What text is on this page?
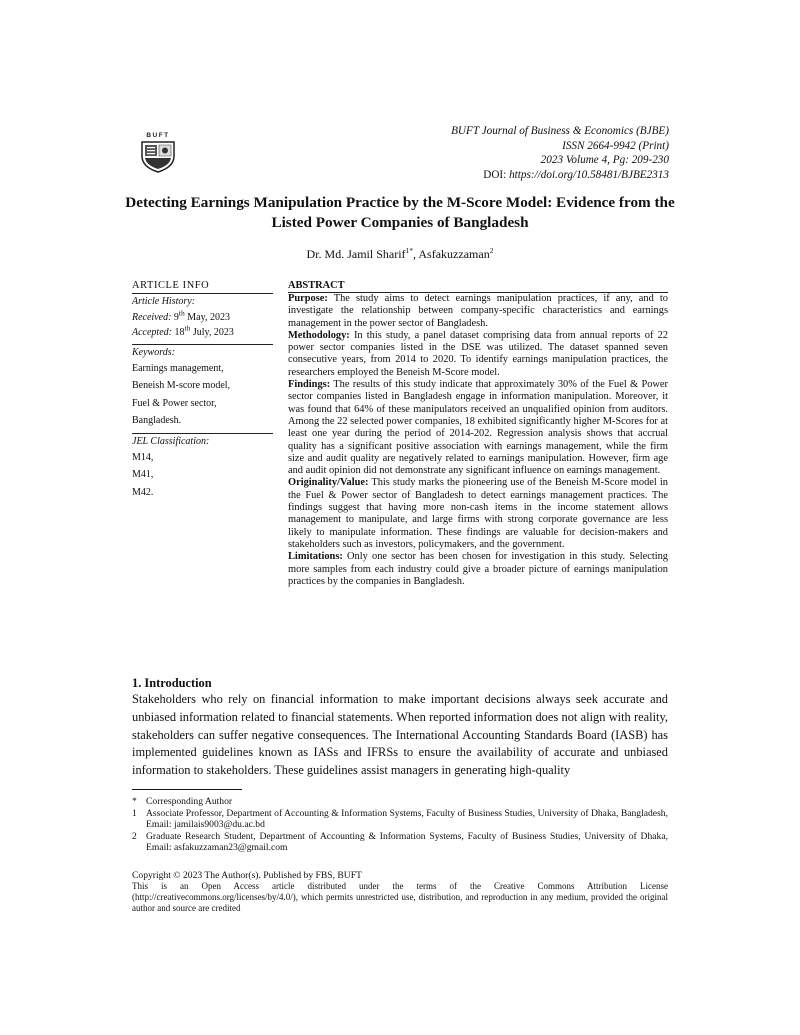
BUFT	BUFT Journal of Business & Economics (BJBE)
ISSN 2664-9942 (Print)
2023 Volume 4, Pg: 209-230
DOI: https://doi.org/10.58481/BJBE2313
Detecting Earnings Manipulation Practice by the M-Score Model: Evidence from the Listed Power Companies of Bangladesh
Dr. Md. Jamil Sharif$^{1*}$, Asfakuzzaman$^2$
ARTICLE INFO
Article History:
Received: 9th May, 2023
Accepted: 18th July, 2023
Keywords:
Earnings management,
Beneish M-score model,
Fuel & Power sector,
Bangladesh.
JEL Classification:
M14,
M41,
M42.
ABSTRACT

Purpose: The study aims to detect earnings manipulation practices, if any, and to investigate the relationship between company-specific characteristics and earnings management in the power sector of Bangladesh.

Methodology: In this study, a panel dataset comprising data from annual reports of 22 power sector companies listed in the DSE was utilized. The dataset spanned seven consecutive years, from 2014 to 2020. To identify earnings manipulation practices, the researchers employed the Beneish M-Score model.

Findings: The results of this study indicate that approximately 30% of the Fuel & Power sector companies listed in Bangladesh engage in information manipulation. Moreover, it was found that 64% of these manipulators received an unqualified opinion from auditors. Among the 22 selected power companies, 18 exhibited significantly higher M-Scores for at least one year during the period of 2014-202. Regression analysis shows that accrual quality has a significant positive association with earnings management, while the firm size and audit quality are negatively related to earnings manipulation. However, firm age and audit opinion did not demonstrate any significant influence on earnings management.

Originality/Value: This study marks the pioneering use of the Beneish M-Score model in the Fuel & Power sector of Bangladesh to detect earnings management practices. The findings suggest that having more non-cash items in the income statement allows management to manipulate, and large firms with strong corporate governance are less likely to manipulate information. These findings are valuable for decision-makers and stakeholders such as investors, policymakers, and the government.

Limitations: Only one sector has been chosen for investigation in this study. Selecting more samples from each industry could give a broader picture of earnings manipulation practices by the companies in Bangladesh.

1. Introduction

Stakeholders who rely on financial information to make important decisions always seek accurate and unbiased information related to financial statements. When reported information does not align with reality, stakeholders can suffer negative consequences. The International Accounting Standards Board (IASB) has implemented guidelines known as IASs and IFRSs to ensure the availability of accurate and unbiased information to stakeholders. These guidelines assist managers in generating high-quality

* Corresponding Author
1 Associate Professor, Department of Accounting & Information Systems, Faculty of Business Studies, University of Dhaka, Bangladesh, Email: jamilais9003@du.ac.bd
2 Graduate Research Student, Department of Accounting & Information Systems, Faculty of Business Studies, University of Dhaka, Email: asfakuzzaman23@gmail.com
Copyright © 2023 The Author(s). Published by FBS, BUFT
This is an Open Access article distributed under the terms of the Creative Commons Attribution License (http://creativecommons.org/licenses/by/4.0/), which permits unrestricted use, distribution, and reproduction in any medium, provided the original author and source are credited
